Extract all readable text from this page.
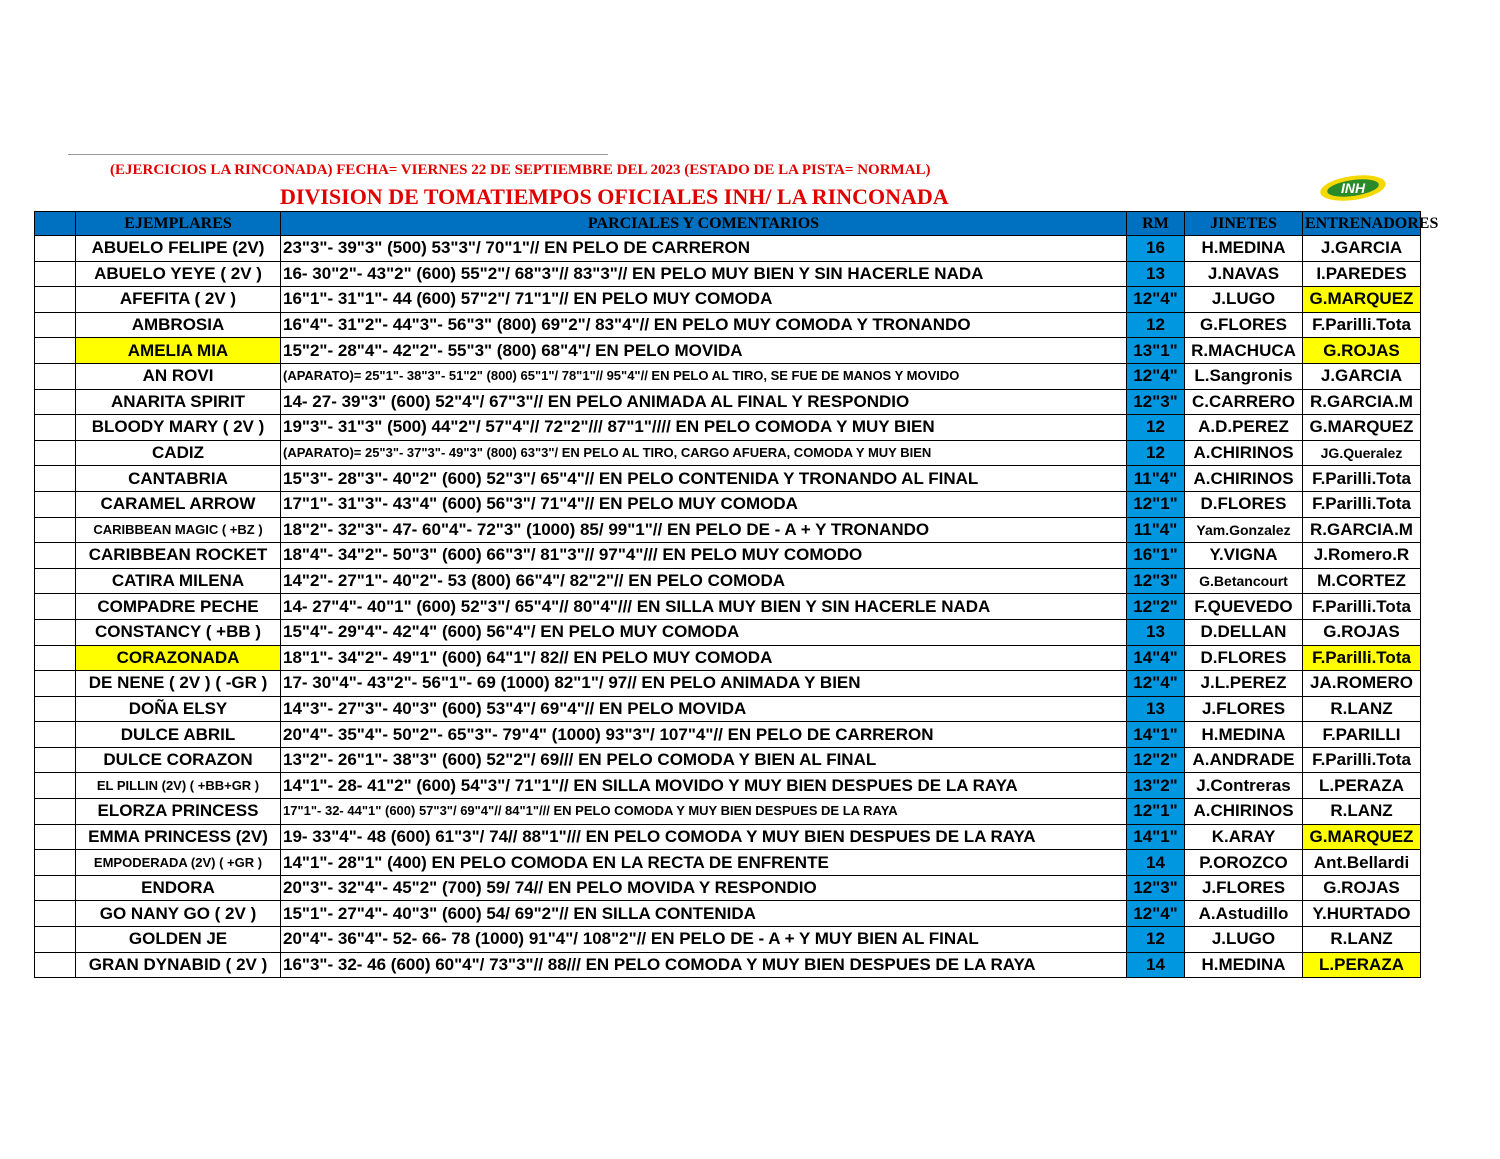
(EJERCICIOS LA RINCONADA) FECHA= VIERNES 22 DE SEPTIEMBRE DEL 2023 (ESTADO DE LA PISTA= NORMAL)
DIVISION DE TOMATIEMPOS OFICIALES INH/ LA RINCONADA	INH
	EJEMPLARES	PARCIALES Y COMENTARIOS	RM	JINETES	ENTRENADORES
	ABUELO FELIPE (2V)	23"3"- 39"3" (500) 53"3"/ 70"1"// EN PELO DE CARRERON	16	H.MEDINA	J.GARCIA
	ABUELO YEYE ( 2V )	16- 30"2"- 43"2" (600) 55"2"/ 68"3"// 83"3"// EN PELO MUY BIEN Y SIN HACERLE NADA	13	J.NAVAS	I.PAREDES
	AFEFITA ( 2V )	16"1"- 31"1"- 44 (600) 57"2"/ 71"1"// EN PELO MUY COMODA	12"4"	J.LUGO	G.MARQUEZ
	AMBROSIA	16"4"- 31"2"- 44"3"- 56"3" (800) 69"2"/ 83"4"// EN PELO MUY COMODA Y TRONANDO	12	G.FLORES	F.Parilli.Tota
	AMELIA MIA	15"2"- 28"4"- 42"2"- 55"3" (800) 68"4"/ EN PELO MOVIDA	13"1"	R.MACHUCA	G.ROJAS
	AN ROVI	(APARATO)= 25"1"- 38"3"- 51"2" (800) 65"1"/ 78"1"// 95"4"// EN PELO AL TIRO, SE FUE DE MANOS Y MOVIDO	12"4"	L.Sangronis	J.GARCIA
	ANARITA SPIRIT	14- 27- 39"3" (600) 52"4"/ 67"3"// EN PELO ANIMADA AL FINAL Y RESPONDIO	12"3"	C.CARRERO	R.GARCIA.M
	BLOODY MARY ( 2V )	19"3"- 31"3" (500) 44"2"/ 57"4"// 72"2"/// 87"1"//// EN PELO COMODA Y MUY BIEN	12	A.D.PEREZ	G.MARQUEZ
	CADIZ	(APARATO)= 25"3"- 37"3"- 49"3" (800) 63"3"/ EN PELO AL TIRO, CARGO AFUERA, COMODA Y MUY BIEN	12	A.CHIRINOS	JG.Queralez
	CANTABRIA	15"3"- 28"3"- 40"2" (600) 52"3"/ 65"4"// EN PELO CONTENIDA Y TRONANDO AL FINAL	11"4"	A.CHIRINOS	F.Parilli.Tota
	CARAMEL ARROW	17"1"- 31"3"- 43"4" (600) 56"3"/ 71"4"// EN PELO MUY COMODA	12"1"	D.FLORES	F.Parilli.Tota
	CARIBBEAN MAGIC ( +BZ )	18"2"- 32"3"- 47- 60"4"- 72"3" (1000) 85/ 99"1"// EN PELO DE - A + Y TRONANDO	11"4"	Yam.Gonzalez	R.GARCIA.M
	CARIBBEAN ROCKET	18"4"- 34"2"- 50"3" (600) 66"3"/ 81"3"// 97"4"/// EN PELO MUY COMODO	16"1"	Y.VIGNA	J.Romero.R
	CATIRA MILENA	14"2"- 27"1"- 40"2"- 53 (800) 66"4"/ 82"2"// EN PELO COMODA	12"3"	G.Betancourt	M.CORTEZ
	COMPADRE PECHE	14- 27"4"- 40"1" (600) 52"3"/ 65"4"// 80"4"/// EN SILLA MUY BIEN Y SIN HACERLE NADA	12"2"	F.QUEVEDO	F.Parilli.Tota
	CONSTANCY ( +BB )	15"4"- 29"4"- 42"4" (600) 56"4"/ EN PELO MUY COMODA	13	D.DELLAN	G.ROJAS
	CORAZONADA	18"1"- 34"2"- 49"1" (600) 64"1"/ 82// EN PELO MUY COMODA	14"4"	D.FLORES	F.Parilli.Tota
	DE NENE ( 2V ) ( -GR )	17- 30"4"- 43"2"- 56"1"- 69 (1000) 82"1"/ 97// EN PELO ANIMADA Y BIEN	12"4"	J.L.PEREZ	JA.ROMERO
	DOÑA ELSY	14"3"- 27"3"- 40"3" (600) 53"4"/ 69"4"// EN PELO MOVIDA	13	J.FLORES	R.LANZ
	DULCE ABRIL	20"4"- 35"4"- 50"2"- 65"3"- 79"4" (1000) 93"3"/ 107"4"// EN PELO DE CARRERON	14"1"	H.MEDINA	F.PARILLI
	DULCE CORAZON	13"2"- 26"1"- 38"3" (600) 52"2"/ 69/// EN PELO COMODA Y BIEN AL FINAL	12"2"	A.ANDRADE	F.Parilli.Tota
	EL PILLIN (2V) ( +BB+GR )	14"1"- 28- 41"2" (600) 54"3"/ 71"1"// EN SILLA MOVIDO Y MUY BIEN DESPUES DE LA RAYA	13"2"	J.Contreras	L.PERAZA
	ELORZA PRINCESS	17"1"- 32- 44"1" (600) 57"3"/ 69"4"// 84"1"/// EN PELO COMODA Y MUY BIEN DESPUES DE LA RAYA	12"1"	A.CHIRINOS	R.LANZ
	EMMA PRINCESS (2V)	19- 33"4"- 48 (600) 61"3"/ 74// 88"1"/// EN PELO COMODA Y MUY BIEN DESPUES DE LA RAYA	14"1"	K.ARAY	G.MARQUEZ
	EMPODERADA (2V) ( +GR )	14"1"- 28"1" (400) EN PELO COMODA EN LA RECTA DE ENFRENTE	14	P.OROZCO	Ant.Bellardi
	ENDORA	20"3"- 32"4"- 45"2" (700) 59/ 74// EN PELO MOVIDA Y RESPONDIO	12"3"	J.FLORES	G.ROJAS
	GO NANY GO ( 2V )	15"1"- 27"4"- 40"3" (600) 54/ 69"2"// EN SILLA CONTENIDA	12"4"	A.Astudillo	Y.HURTADO
	GOLDEN JE	20"4"- 36"4"- 52- 66- 78 (1000) 91"4"/ 108"2"// EN PELO DE - A + Y MUY BIEN AL FINAL	12	J.LUGO	R.LANZ
	GRAN DYNABID ( 2V )	16"3"- 32- 46 (600) 60"4"/ 73"3"// 88/// EN PELO COMODA Y MUY BIEN DESPUES DE LA RAYA	14	H.MEDINA	L.PERAZA
